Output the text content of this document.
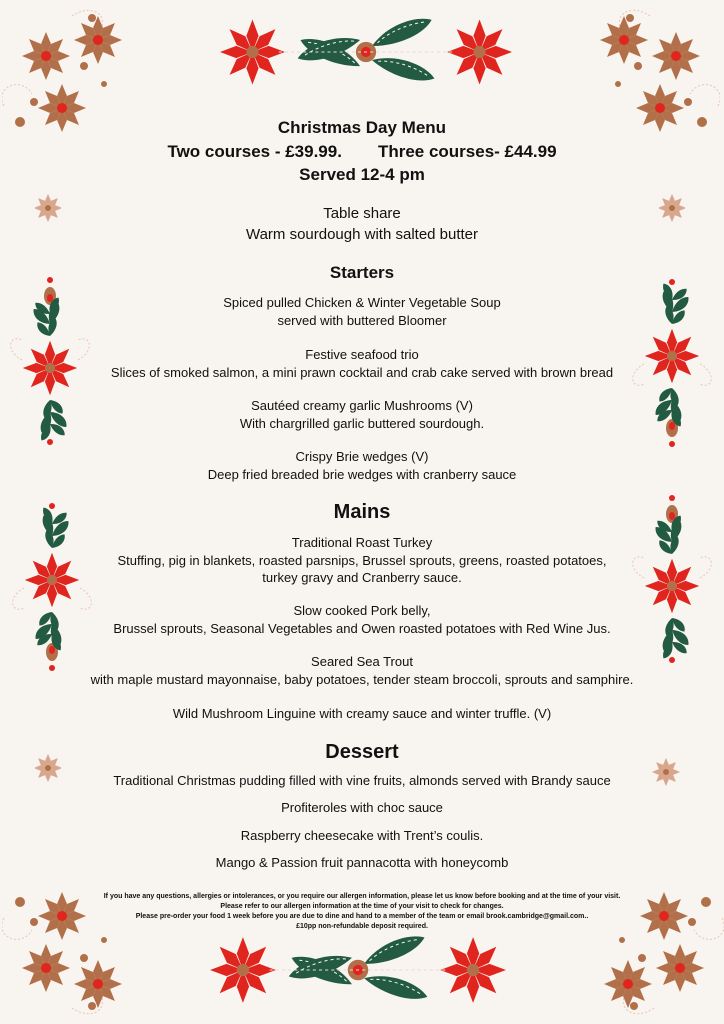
Christmas Day Menu
Two courses - £39.99. Three courses- £44.99
Served 12-4 pm
Table share
Warm sourdough with salted butter
Starters
Spiced pulled Chicken & Winter Vegetable Soup
served with buttered Bloomer
Festive seafood trio
Slices of smoked salmon, a mini prawn cocktail and crab cake served with brown bread
Sautéed creamy garlic Mushrooms (V)
With chargrilled garlic buttered sourdough.
Crispy Brie wedges (V)
Deep fried breaded brie wedges with cranberry sauce
Mains
Traditional Roast Turkey
Stuffing, pig in blankets, roasted parsnips, Brussel sprouts, greens, roasted potatoes,
turkey gravy and Cranberry sauce.
Slow cooked Pork belly,
Brussel sprouts, Seasonal Vegetables and Owen roasted potatoes with Red Wine Jus.
Seared Sea Trout
with maple mustard mayonnaise, baby potatoes, tender steam broccoli, sprouts and samphire.
Wild Mushroom Linguine with creamy sauce and winter truffle. (V)
Dessert
Traditional Christmas pudding filled with vine fruits, almonds served with Brandy sauce
Profiteroles with choc sauce
Raspberry cheesecake with Trent’s coulis.
Mango & Passion fruit pannacotta with honeycomb
If you have any questions, allergies or intolerances, or you require our allergen information, please let us know before booking and at the time of your visit.
Please refer to our allergen information at the time of your visit to check for changes.
Please pre-order your food 1 week before you are due to dine and hand to a member of the team or email brook.cambridge@gmail.com..
£10pp non-refundable deposit required.
